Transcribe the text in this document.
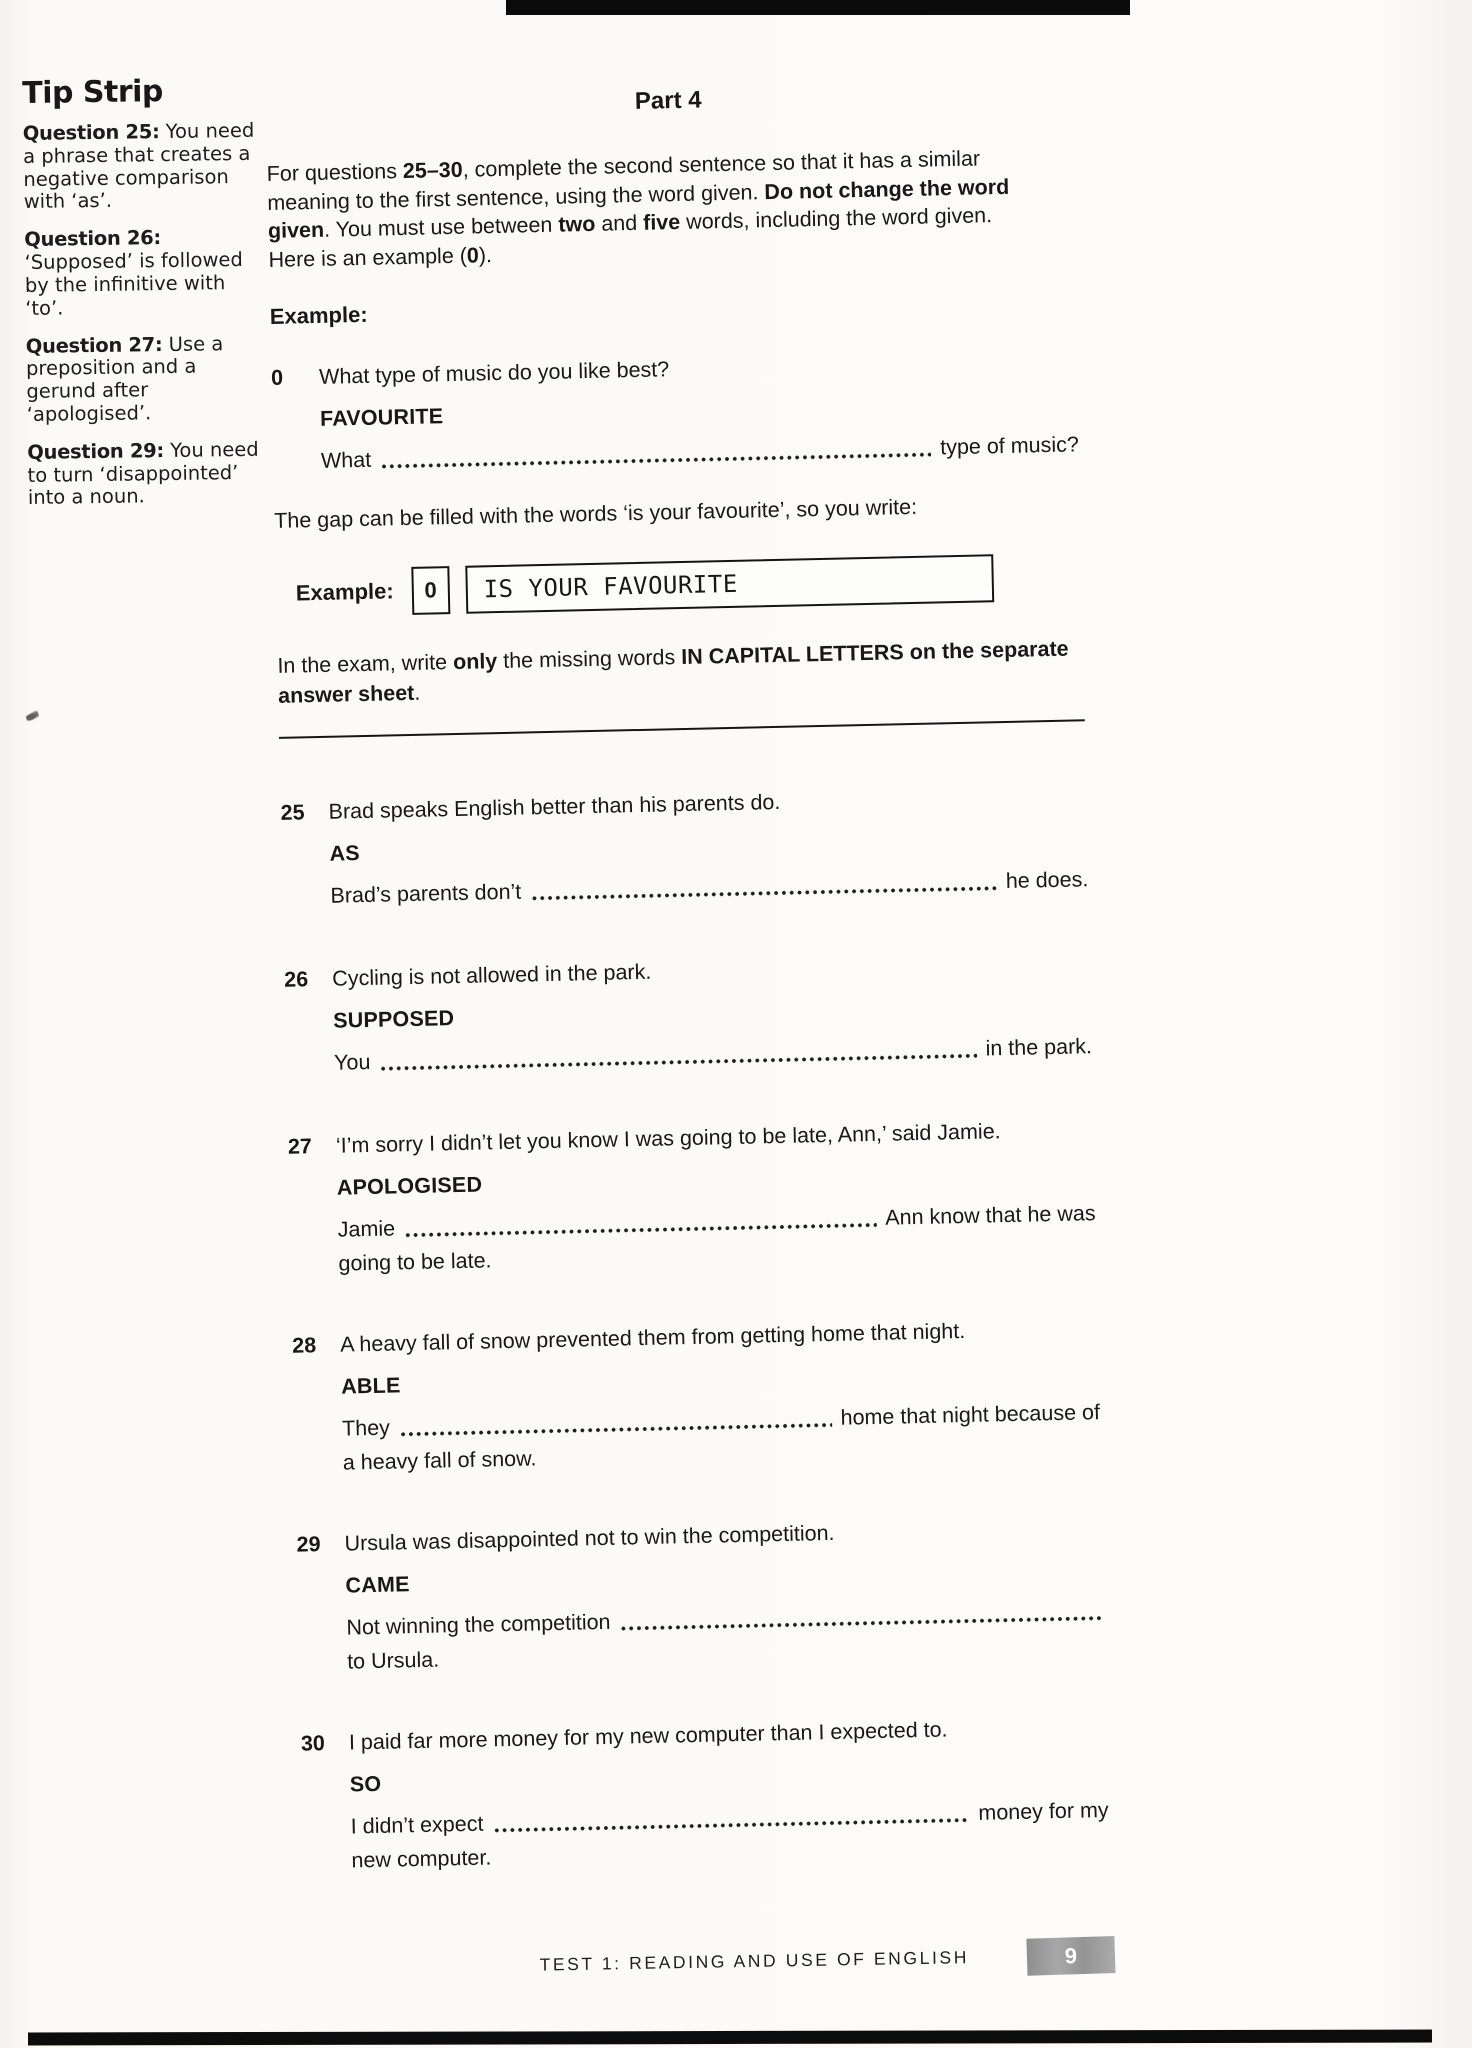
Tip Strip

Question 25: You need a phrase that creates a negative comparison with ‘as’.

Question 26: ‘Supposed’ is followed by the infinitive with ‘to’.

Question 27: Use a preposition and a gerund after ‘apologised’.

Question 29: You need to turn ‘disappointed’ into a noun.

Part 4

For questions 25–30, complete the second sentence so that it has a similar meaning to the first sentence, using the word given. Do not change the word given. You must use between two and five words, including the word given. Here is an example (0).

Example:
0	What type of music do you like best?
FAVOURITE
What
type of music?

The gap can be filled with the words ‘is your favourite’, so you write:

Example:	0	IS YOUR FAVOURITE

In the exam, write only the missing words IN CAPITAL LETTERS on the separate answer sheet.

25	Brad speaks English better than his parents do.
AS
Brad’s parents don’t	he does.
26	Cycling is not allowed in the park.
SUPPOSED
You
in the park.
27	‘I’m sorry I didn’t let you know I was going to be late, Ann,’ said Jamie.
APOLOGISED
Jamie	Ann know that he was
going to be late.
28	A heavy fall of snow prevented them from getting home that night.
ABLE
They	home that night because of
a heavy fall of snow.
29	Ursula was disappointed not to win the competition.
CAME
Not winning the competition
to Ursula.
30	I paid far more money for my new computer than I expected to.
SO
I didn’t expect
money for my
new computer.
TEST 1: READING AND USE OF ENGLISH	9
